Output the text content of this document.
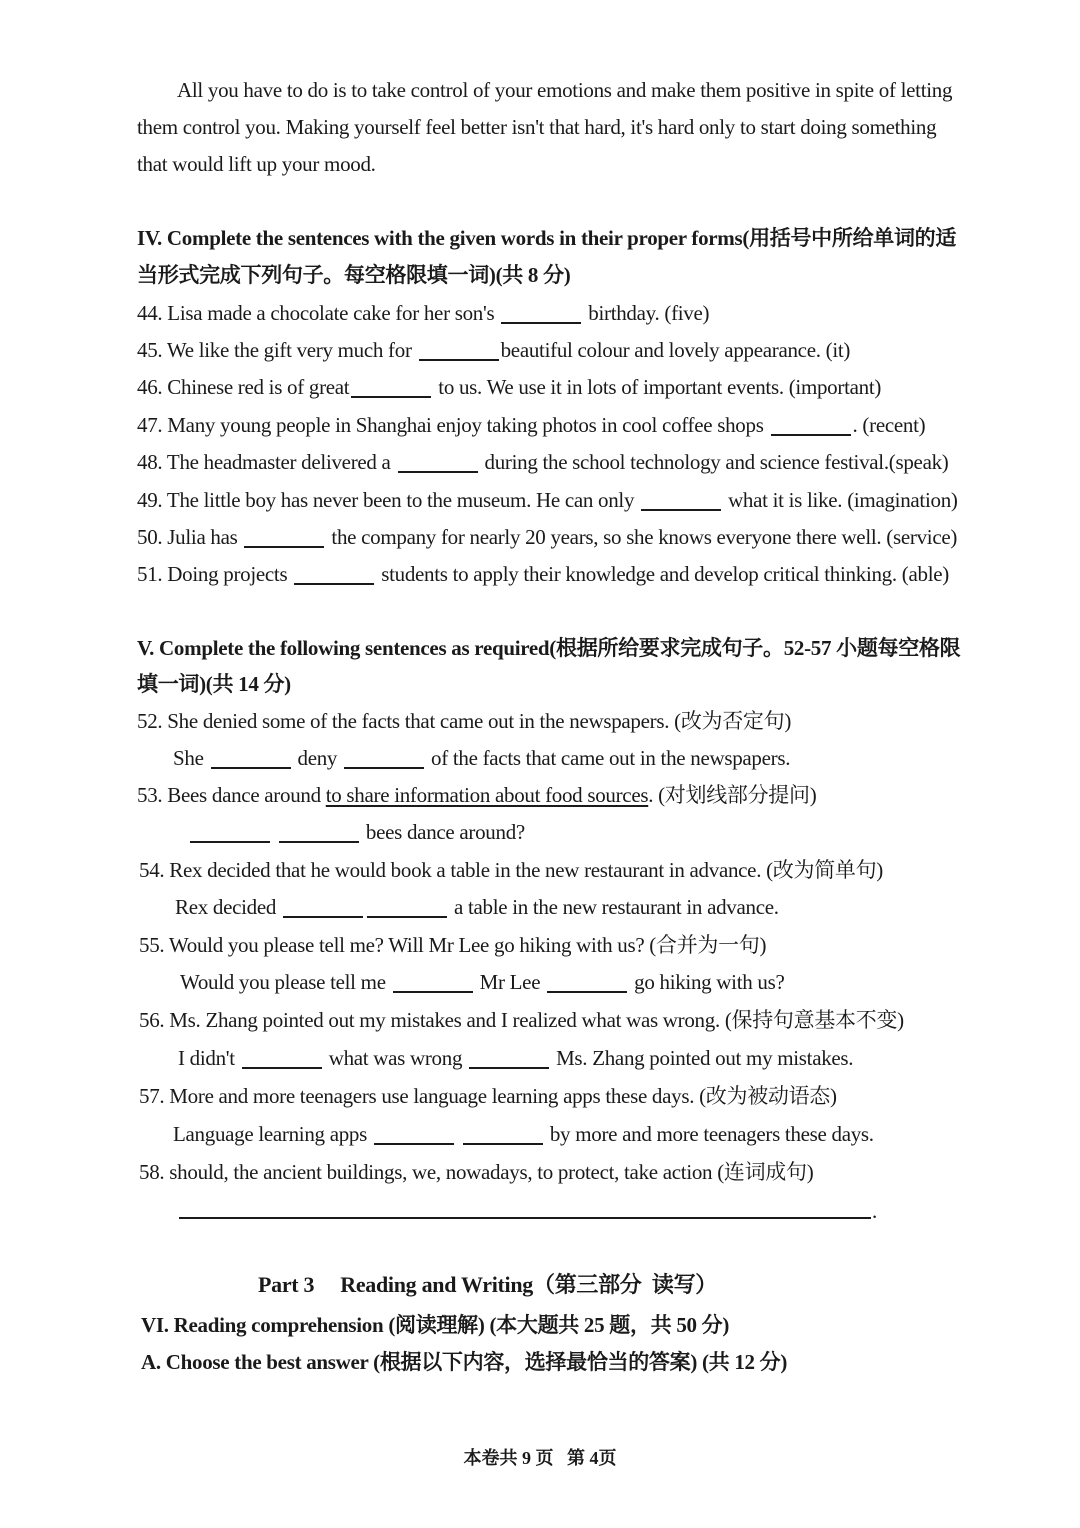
All you have to do is to take control of your emotions and make them positive in spite of letting
them control you. Making yourself feel better isn't that hard, it's hard only to start doing something
that would lift up your mood.
IV. Complete the sentences with the given words in their proper forms(用括号中所给单词的适
当形式完成下列句子。每空格限填一词)(共 8 分)
44. Lisa made a chocolate cake for her son's	birthday. (five)
45. We like the gift very much for	beautiful colour and lovely appearance. (it)
46. Chinese red is of great	to us. We use it in lots of important events. (important)
47. Many young people in Shanghai enjoy taking photos in cool coffee shops	. (recent)
48. The headmaster delivered a	during the school technology and science festival.(speak)
49. The little boy has never been to the museum. He can only	what it is like. (imagination)
50. Julia has	the company for nearly 20 years, so she knows everyone there well. (service)
51. Doing projects	students to apply their knowledge and develop critical thinking. (able)
V. Complete the following sentences as required(根据所给要求完成句子。52-57 小题每空格限
填一词)(共 14 分)
52. She denied some of the facts that came out in the newspapers. (改为否定句)
She	deny	of the facts that came out in the newspapers.
53. Bees dance around to share information about food sources. (对划线部分提问)
bees dance around?
54. Rex decided that he would book a table in the new restaurant in advance. (改为简单句)
Rex decided	a table in the new restaurant in advance.
55. Would you please tell me? Will Mr Lee go hiking with us? (合并为一句)
Would you please tell me	Mr Lee	go hiking with us?
56. Ms. Zhang pointed out my mistakes and I realized what was wrong. (保持句意基本不变)
I didn't	what was wrong	Ms. Zhang pointed out my mistakes.
57. More and more teenagers use language learning apps these days. (改为被动语态)
Language learning apps	by more and more teenagers these days.
58. should, the ancient buildings, we, nowadays, to protect, take action (连词成句)
.
Part 3     Reading and Writing（第三部分  读写）
VI. Reading comprehension (阅读理解) (本大题共 25 题，共 50 分)
A. Choose the best answer (根据以下内容，选择最恰当的答案) (共 12 分)
本卷共 9 页   第 4页
